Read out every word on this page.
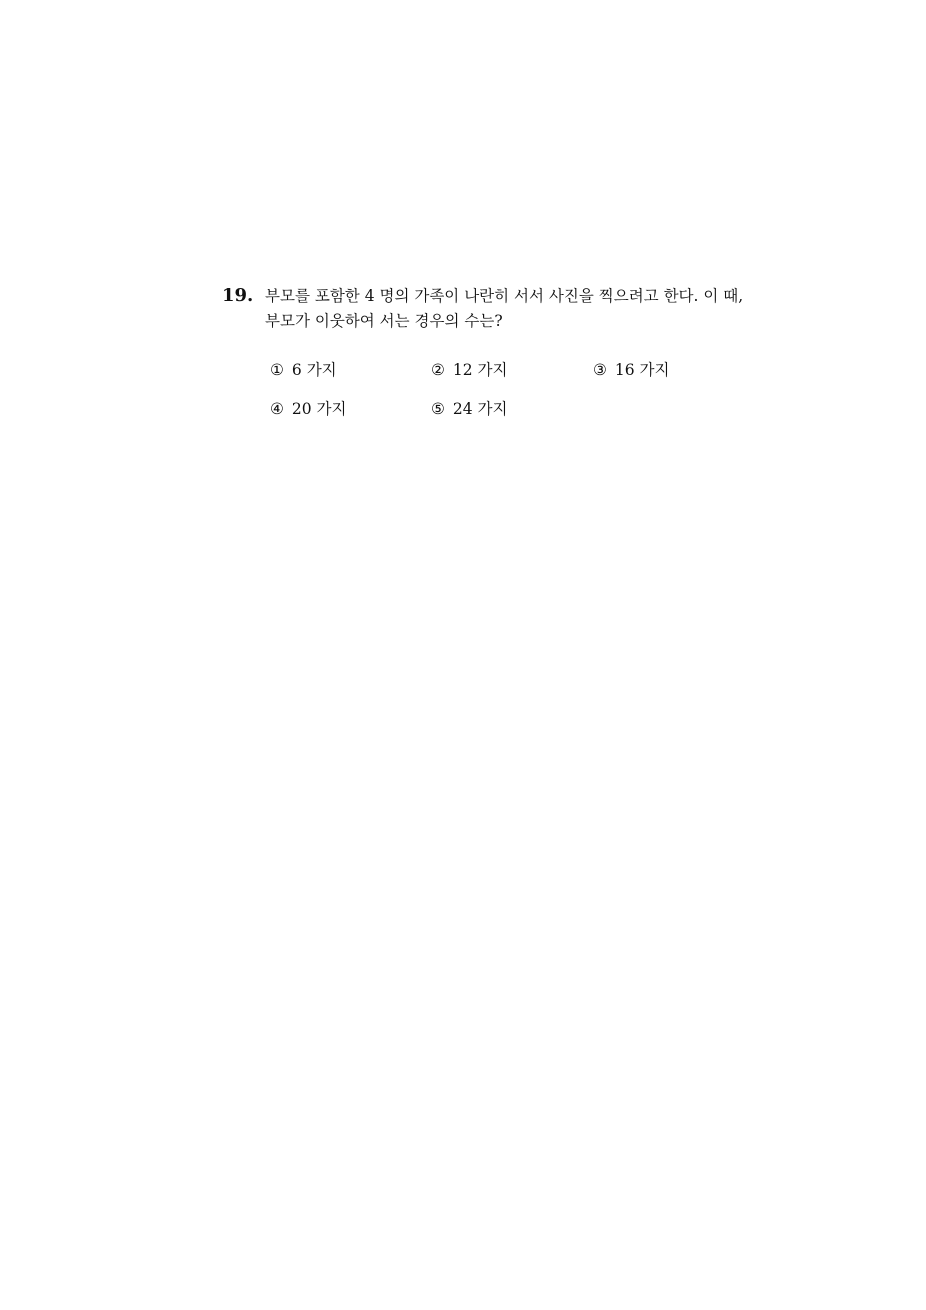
19. 부모를 포함한 4 명의 가족이 나란히 서서 사진을 찍으려고 한다. 이 때,
부모가 이웃하여 서는 경우의 수는?
① 6 가지	② 12 가지	③ 16 가지
④ 20 가지	⑤ 24 가지
